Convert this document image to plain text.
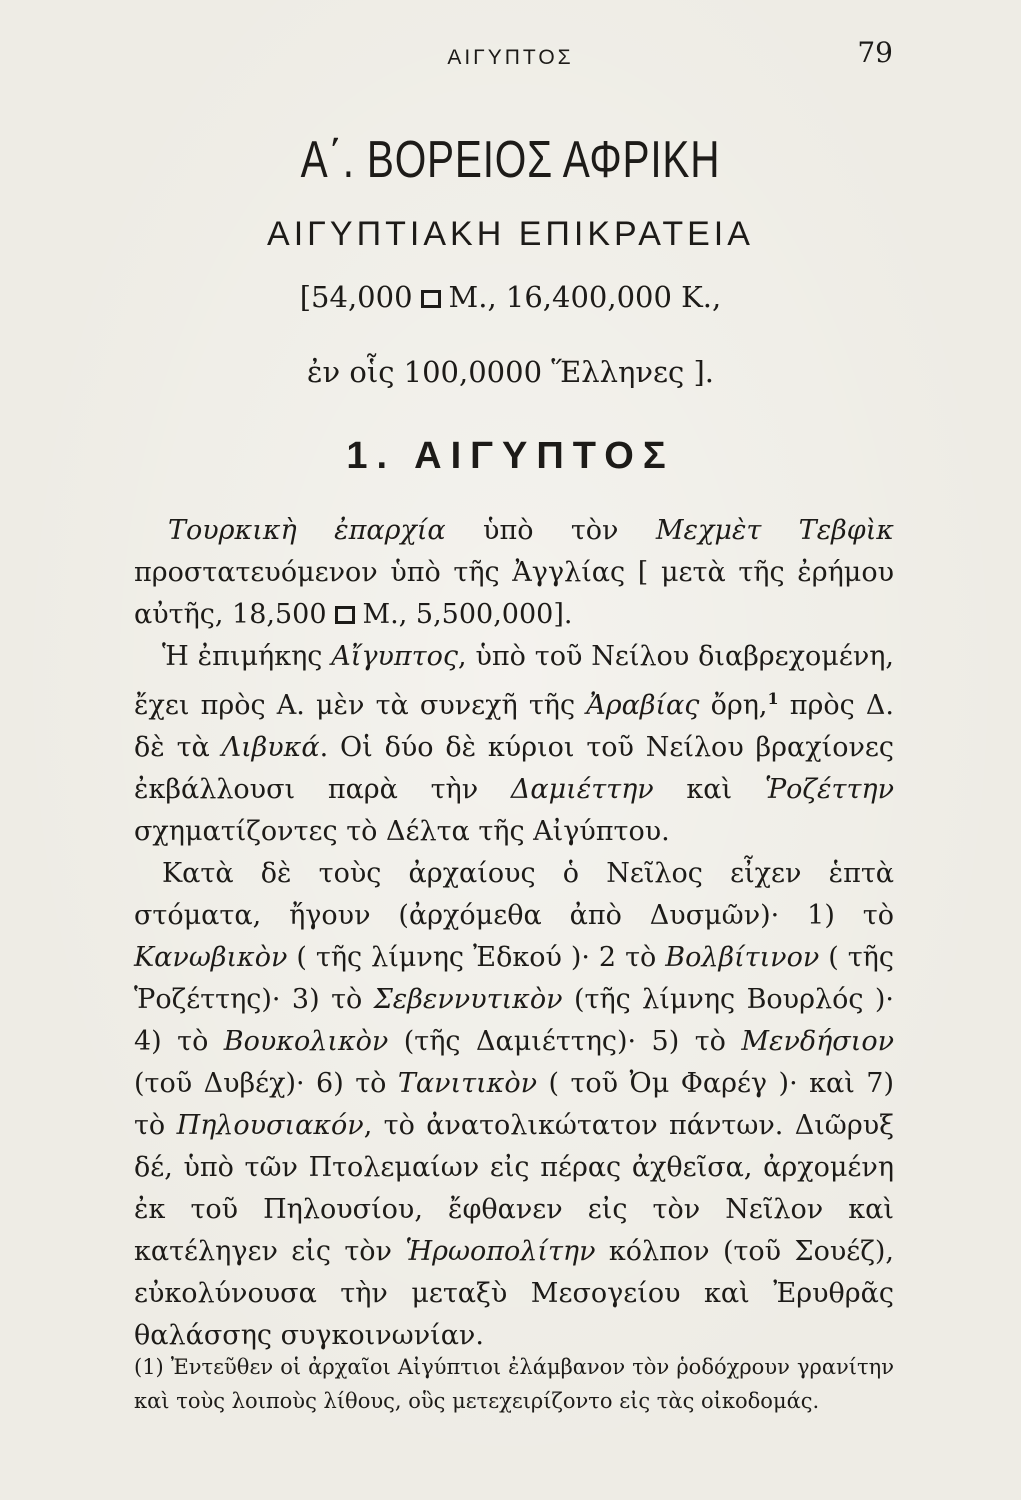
ΑΙΓΥΠΤΟΣ	79
Α΄. ΒΟΡΕΙΟΣ ΑΦΡΙΚΗ
ΑΙΓΥΠΤΙΑΚΗ ΕΠΙΚΡΑΤΕΙΑ
[54,000 Μ., 16,400,000 Κ.,
ἐν οἷς 100,0000 Ἕλληνες ].
1. ΑΙΓΥΠΤΟΣ

Τουρκικὴ ἐπαρχία ὑπὸ τὸν Μεχμὲτ Τεβφὶκ προστατευόμενον ὑπὸ τῆς Ἀγγλίας [ μετὰ τῆς ἐρήμου αὐτῆς, 18,500 Μ., 5,500,000].

Ἡ ἐπιμήκης Αἴγυπτος, ὑπὸ τοῦ Νείλου διαβρεχομένη, ἔχει πρὸς Α. μὲν τὰ συνεχῆ τῆς Ἀραβίας ὄρη,$^1$ πρὸς Δ. δὲ τὰ Λιβυκά. Οἱ δύο δὲ κύριοι τοῦ Νείλου βραχίονες ἐκβάλλουσι παρὰ τὴν Δαμιέττην καὶ Ῥοζέττην σχηματίζοντες τὸ Δέλτα τῆς Αἰγύπτου.

Κατὰ δὲ τοὺς ἀρχαίους ὁ Νεῖλος εἶχεν ἑπτὰ στόματα, ἤγουν (ἀρχόμεθα ἀπὸ Δυσμῶν)· 1) τὸ Κανωβικὸν ( τῆς λίμνης Ἐδκού )· 2 τὸ Βολβίτινον ( τῆς Ῥοζέττης)· 3) τὸ Σεβεννυτικὸν (τῆς λίμνης Βουρλός )· 4) τὸ Βουκολικὸν (τῆς Δαμιέττης)· 5) τὸ Μενδήσιον (τοῦ Δυβέχ)· 6) τὸ Τανιτικὸν ( τοῦ Ὀμ Φαρέγ )· καὶ 7) τὸ Πηλουσιακόν, τὸ ἀνατολικώτατον πάντων. Διῶρυξ δέ, ὑπὸ τῶν Πτολεμαίων εἰς πέρας ἀχθεῖσα, ἀρχομένη ἐκ τοῦ Πηλουσίου, ἔφθανεν εἰς τὸν Νεῖλον καὶ κατέληγεν εἰς τὸν Ἡρωοπολίτην κόλπον (τοῦ Σουέζ), εὐκολύνουσα τὴν μεταξὺ Μεσογείου καὶ Ἐρυθρᾶς θαλάσσης συγκοινωνίαν.

(1) Ἐντεῦθεν οἱ ἀρχαῖοι Αἰγύπτιοι ἐλάμβανον τὸν ῥοδόχρουν γρανίτην καὶ τοὺς λοιποὺς λίθους, οὓς μετεχειρίζοντο εἰς τὰς οἰκοδομάς.
